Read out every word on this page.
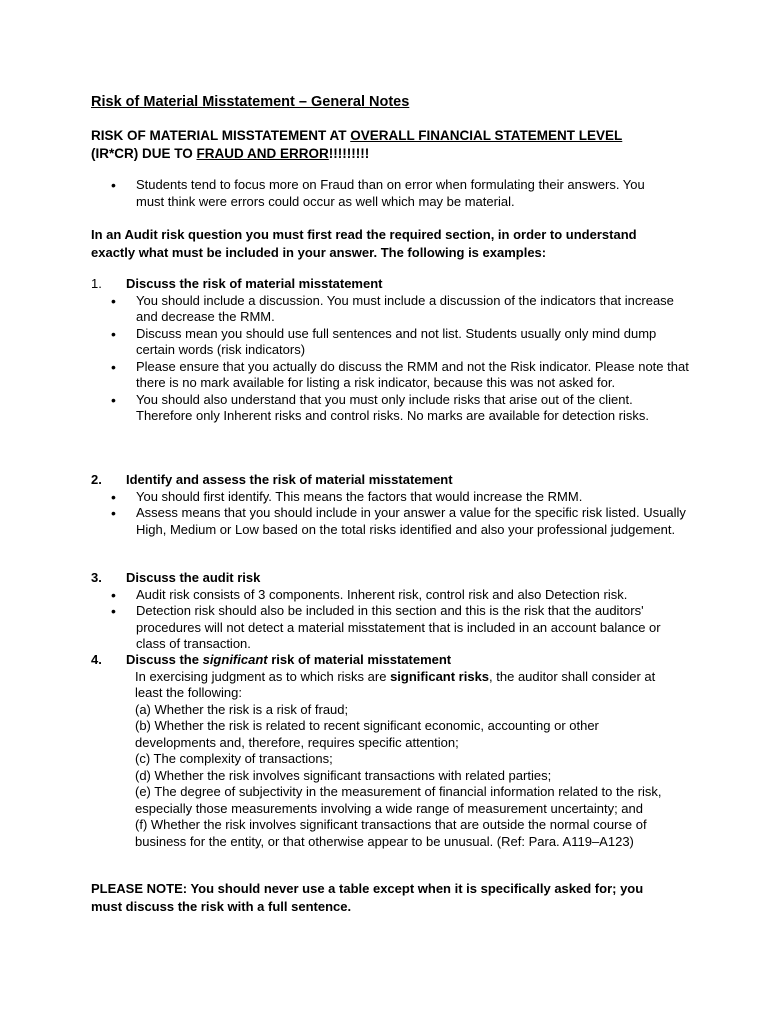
Risk of Material Misstatement – General Notes
RISK OF MATERIAL MISSTATEMENT AT OVERALL FINANCIAL STATEMENT LEVEL
(IR*CR) DUE TO FRAUD AND ERROR!!!!!!!!!
• Students tend to focus more on Fraud than on error when formulating their answers. You must think were errors could occur as well which may be material.
In an Audit risk question you must first read the required section, in order to understand exactly what must be included in your answer. The following is examples:
1. Discuss the risk of material misstatement
• You should include a discussion. You must include a discussion of the indicators that increase and decrease the RMM.
• Discuss mean you should use full sentences and not list. Students usually only mind dump certain words (risk indicators)
• Please ensure that you actually do discuss the RMM and not the Risk indicator. Please note that there is no mark available for listing a risk indicator, because this was not asked for.
• You should also understand that you must only include risks that arise out of the client. Therefore only Inherent risks and control risks. No marks are available for detection risks.
2. Identify and assess the risk of material misstatement
• You should first identify. This means the factors that would increase the RMM.
• Assess means that you should include in your answer a value for the specific risk listed. Usually High, Medium or Low based on the total risks identified and also your professional judgement.
3. Discuss the audit risk
• Audit risk consists of 3 components. Inherent risk, control risk and also Detection risk.
• Detection risk should also be included in this section and this is the risk that the auditors' procedures will not detect a material misstatement that is included in an account balance or class of transaction.
4. Discuss the significant risk of material misstatement
In exercising judgment as to which risks are significant risks, the auditor shall consider at least the following:
(a) Whether the risk is a risk of fraud;
(b) Whether the risk is related to recent significant economic, accounting or other developments and, therefore, requires specific attention;
(c) The complexity of transactions;
(d) Whether the risk involves significant transactions with related parties;
(e) The degree of subjectivity in the measurement of financial information related to the risk, especially those measurements involving a wide range of measurement uncertainty; and
(f) Whether the risk involves significant transactions that are outside the normal course of business for the entity, or that otherwise appear to be unusual. (Ref: Para. A119–A123)
PLEASE NOTE: You should never use a table except when it is specifically asked for; you must discuss the risk with a full sentence.
